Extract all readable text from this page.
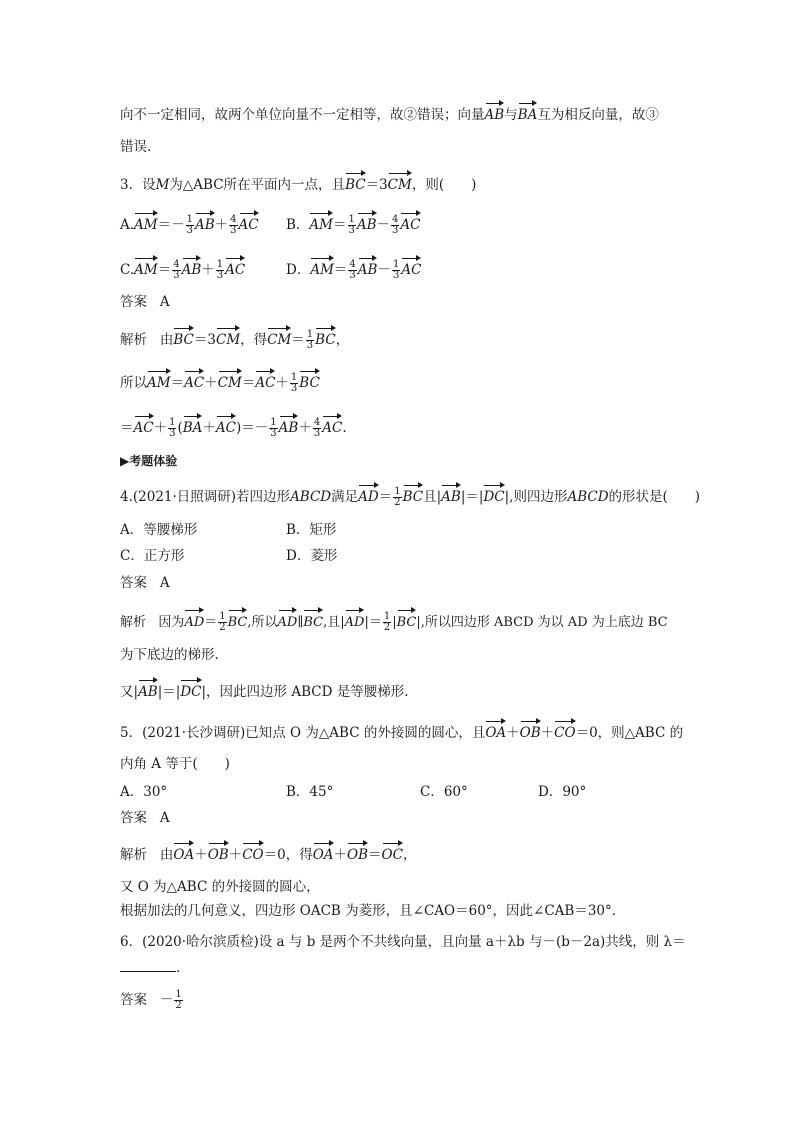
向不一定相同，故两个单位向量不一定相等，故②错误；向量AB与BA互为相反向量，故③
错误.
3．设M为△ABC所在平面内一点，且BC＝3CM，则(　　)
$A.AM=- \frac{1}{3} AB+ \frac{4}{3}$ AC B．$AM= \frac{1}{3} AB- \frac{4}{3}$ AC
$C.AM= \frac{4}{3} AB+ \frac{1}{3}$ AC	D．$AM= \frac{4}{3} AB- \frac{1}{3}$ AC
答案 A
解析 由BC＝3CM，得$CM= \frac{1}{3}$ BC，
所以$AM=AC+CM=AC+ \frac{1}{3}$ BC
$=AC+ \frac{1}{3} (BA+AC)=- \frac{1}{3} AB+ \frac{4}{3}$ AC.
▶考题体验
4.(2021·日照调研)若四边形ABCD满足$AD= \frac{1}{2}$ BC且|AB|＝|DC|,则四边形ABCD的形状是(　　)
A．等腰梯形	B．矩形
C．正方形	D．菱形
答案 A
解析 因为$AD= \frac{1}{2}$ BC,所以AD∥BC,且$|AD|= \frac{1}{2} |BC|$,所以四边形 ABCD 为以 AD 为上底边 BC
为下底边的梯形.
又|AB|＝|DC|，因此四边形 ABCD 是等腰梯形.
5．(2021·长沙调研)已知点 O 为△ABC 的外接圆的圆心，且OA＋OB＋CO＝0，则△ABC 的
内角 A 等于(　　)
A．30°	B．45°	C．60°	D．90°
答案 A
解析 由OA＋OB＋CO＝0，得OA＋OB＝OC，
又 O 为△ABC 的外接圆的圆心，
根据加法的几何意义，四边形 OACB 为菱形，且∠CAO＝60°，因此∠CAB＝30°.
6．(2020·哈尔滨质检)设 a 与 b 是两个不共线向量，且向量 a＋λb 与－(b－2a)共线，则 λ＝
.
答案 － $\frac{1}{2}$
